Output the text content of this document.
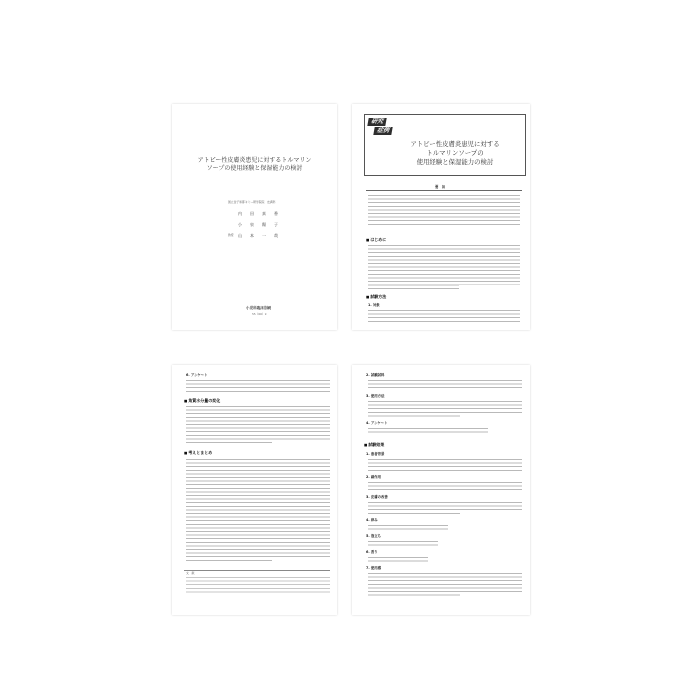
アトピー性皮膚炎患児に対するトルマリン
ソープの使用経験と保湿能力の検討
国立金子和都キミー研学院院　皮膚科
内　田　真　香
小　泉　陽　子
教授 山　本　一　哉
小児科臨床別刷
55（00）2
研究
症例
アトピー性皮膚炎患児に対する
トルマリンソープの
使用経験と保湿能力の検討
要　旨
■ はじめに
■ 試験方法
1. 対象
6. アンケート
■ 角質水分量の変化
■ 考えとまとめ
文　献
2. 試験試料
3. 使用方法
4. アンケート
■ 試験結果
1. 患者背景
2. 副作用
3. 皮膚の改善
4. 痒み
5. 泡立ち
6. 香り
7. 使用感
